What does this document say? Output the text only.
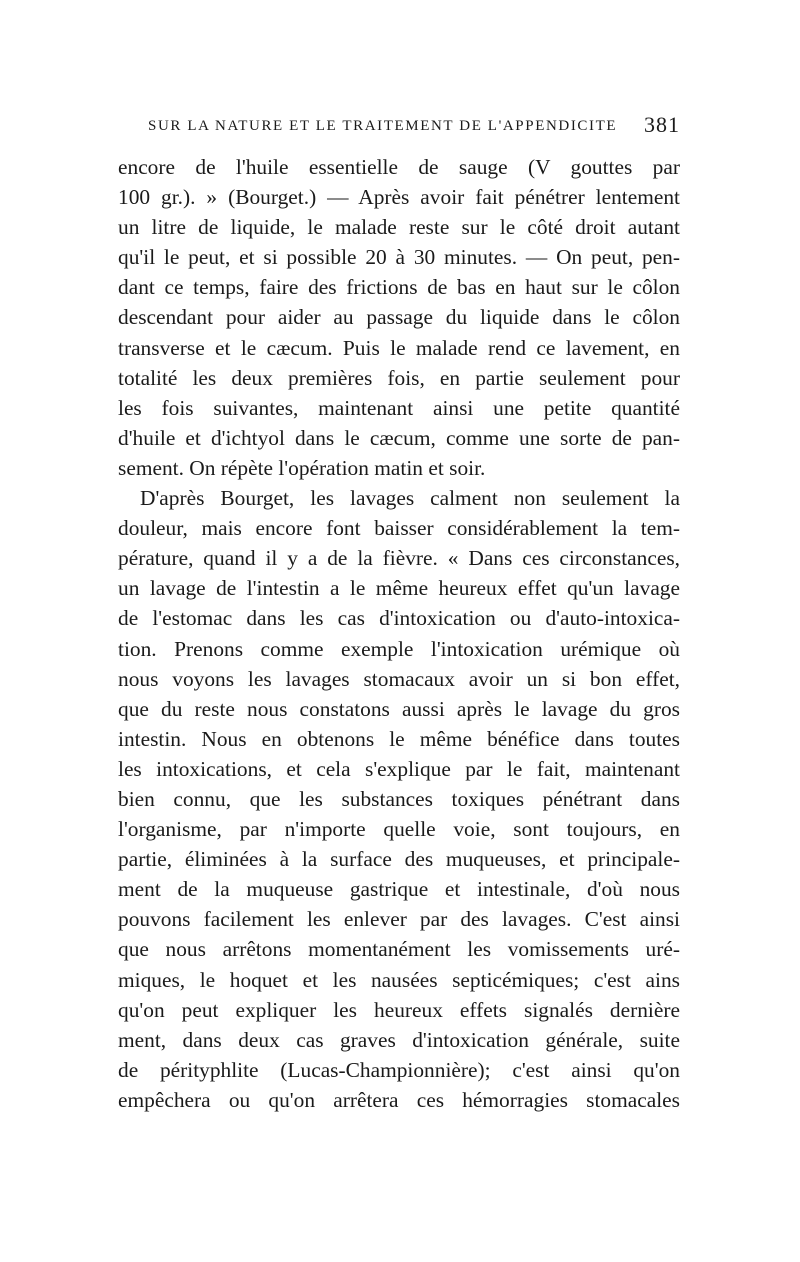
SUR LA NATURE ET LE TRAITEMENT DE L'APPENDICITE 381
encore de l'huile essentielle de sauge (V gouttes par
100 gr.). » (Bourget.) — Après avoir fait pénétrer lentement
un litre de liquide, le malade reste sur le côté droit autant
qu'il le peut, et si possible 20 à 30 minutes. — On peut, pen-
dant ce temps, faire des frictions de bas en haut sur le côlon
descendant pour aider au passage du liquide dans le côlon
transverse et le cæcum. Puis le malade rend ce lavement, en
totalité les deux premières fois, en partie seulement pour
les fois suivantes, maintenant ainsi une petite quantité
d'huile et d'ichtyol dans le cæcum, comme une sorte de pan-
sement. On répète l'opération matin et soir.
D'après Bourget, les lavages calment non seulement la
douleur, mais encore font baisser considérablement la tem-
pérature, quand il y a de la fièvre. « Dans ces circonstances,
un lavage de l'intestin a le même heureux effet qu'un lavage
de l'estomac dans les cas d'intoxication ou d'auto-intoxica-
tion. Prenons comme exemple l'intoxication urémique où
nous voyons les lavages stomacaux avoir un si bon effet,
que du reste nous constatons aussi après le lavage du gros
intestin. Nous en obtenons le même bénéfice dans toutes
les intoxications, et cela s'explique par le fait, maintenant
bien connu, que les substances toxiques pénétrant dans
l'organisme, par n'importe quelle voie, sont toujours, en
partie, éliminées à la surface des muqueuses, et principale-
ment de la muqueuse gastrique et intestinale, d'où nous
pouvons facilement les enlever par des lavages. C'est ainsi
que nous arrêtons momentanément les vomissements uré-
miques, le hoquet et les nausées septicémiques; c'est ains
qu'on peut expliquer les heureux effets signalés dernière
ment, dans deux cas graves d'intoxication générale, suite
de pérityphlite (Lucas-Championnière); c'est ainsi qu'on
empêchera ou qu'on arrêtera ces hémorragies stomacales
